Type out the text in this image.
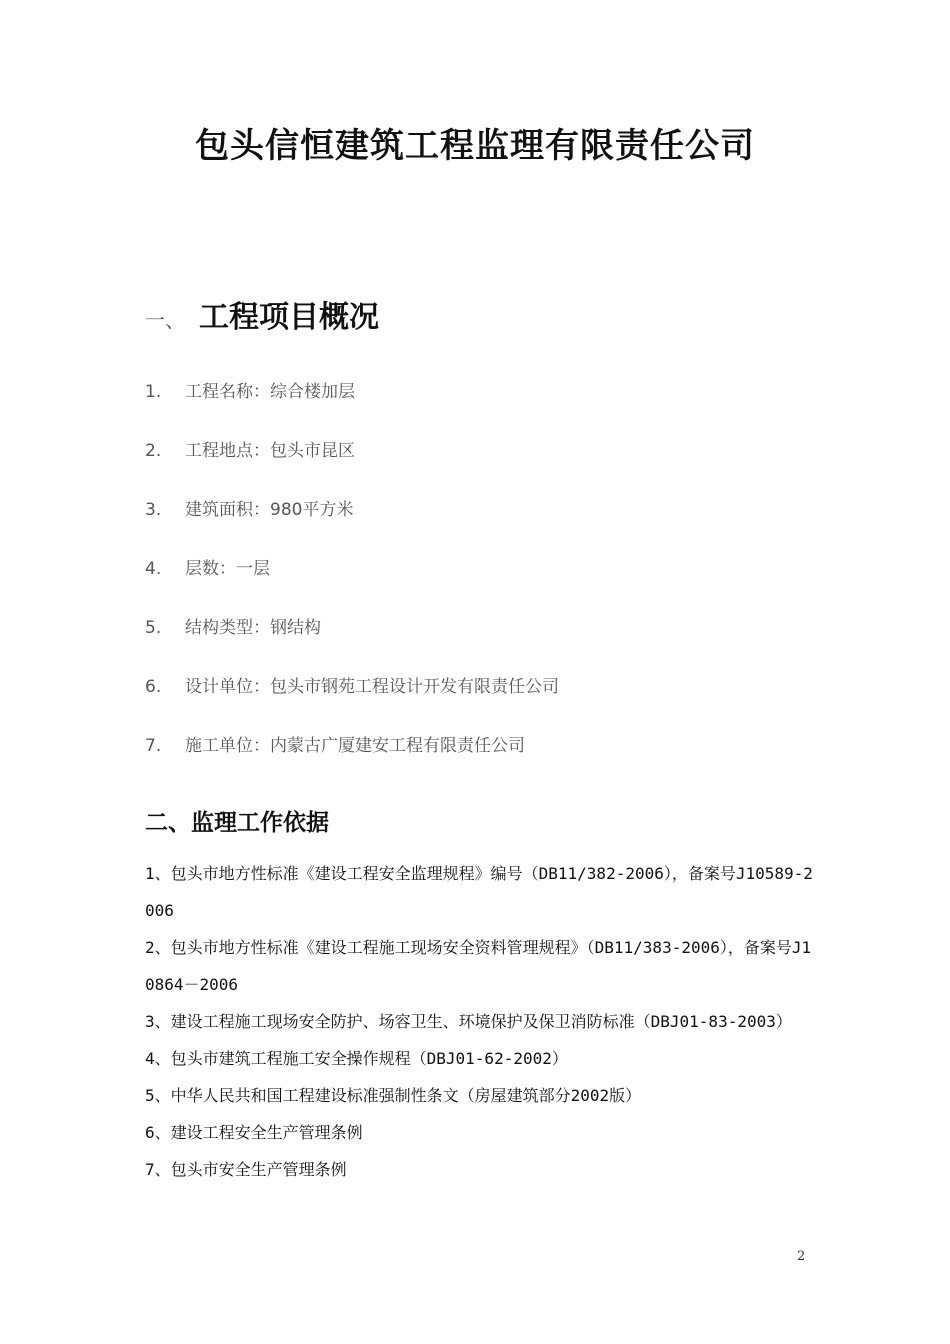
包头信恒建筑工程监理有限责任公司
一、 工程项目概况
1. 工程名称：综合楼加层
2. 工程地点：包头市昆区
3. 建筑面积：980平方米
4. 层数：一层
5. 结构类型：钢结构
6. 设计单位：包头市钢苑工程设计开发有限责任公司
7. 施工单位：内蒙古广厦建安工程有限责任公司
二、监理工作依据
1、包头市地方性标准《建设工程安全监理规程》编号（DB11/382-2006），备案号J10589-2006
2、包头市地方性标准《建设工程施工现场安全资料管理规程》（DB11/383-2006），备案号J10864－2006
3、建设工程施工现场安全防护、场容卫生、环境保护及保卫消防标准（DBJ01-83-2003）
4、包头市建筑工程施工安全操作规程（DBJ01-62-2002）
5、中华人民共和国工程建设标准强制性条文（房屋建筑部分2002版）
6、建设工程安全生产管理条例
7、包头市安全生产管理条例
2
